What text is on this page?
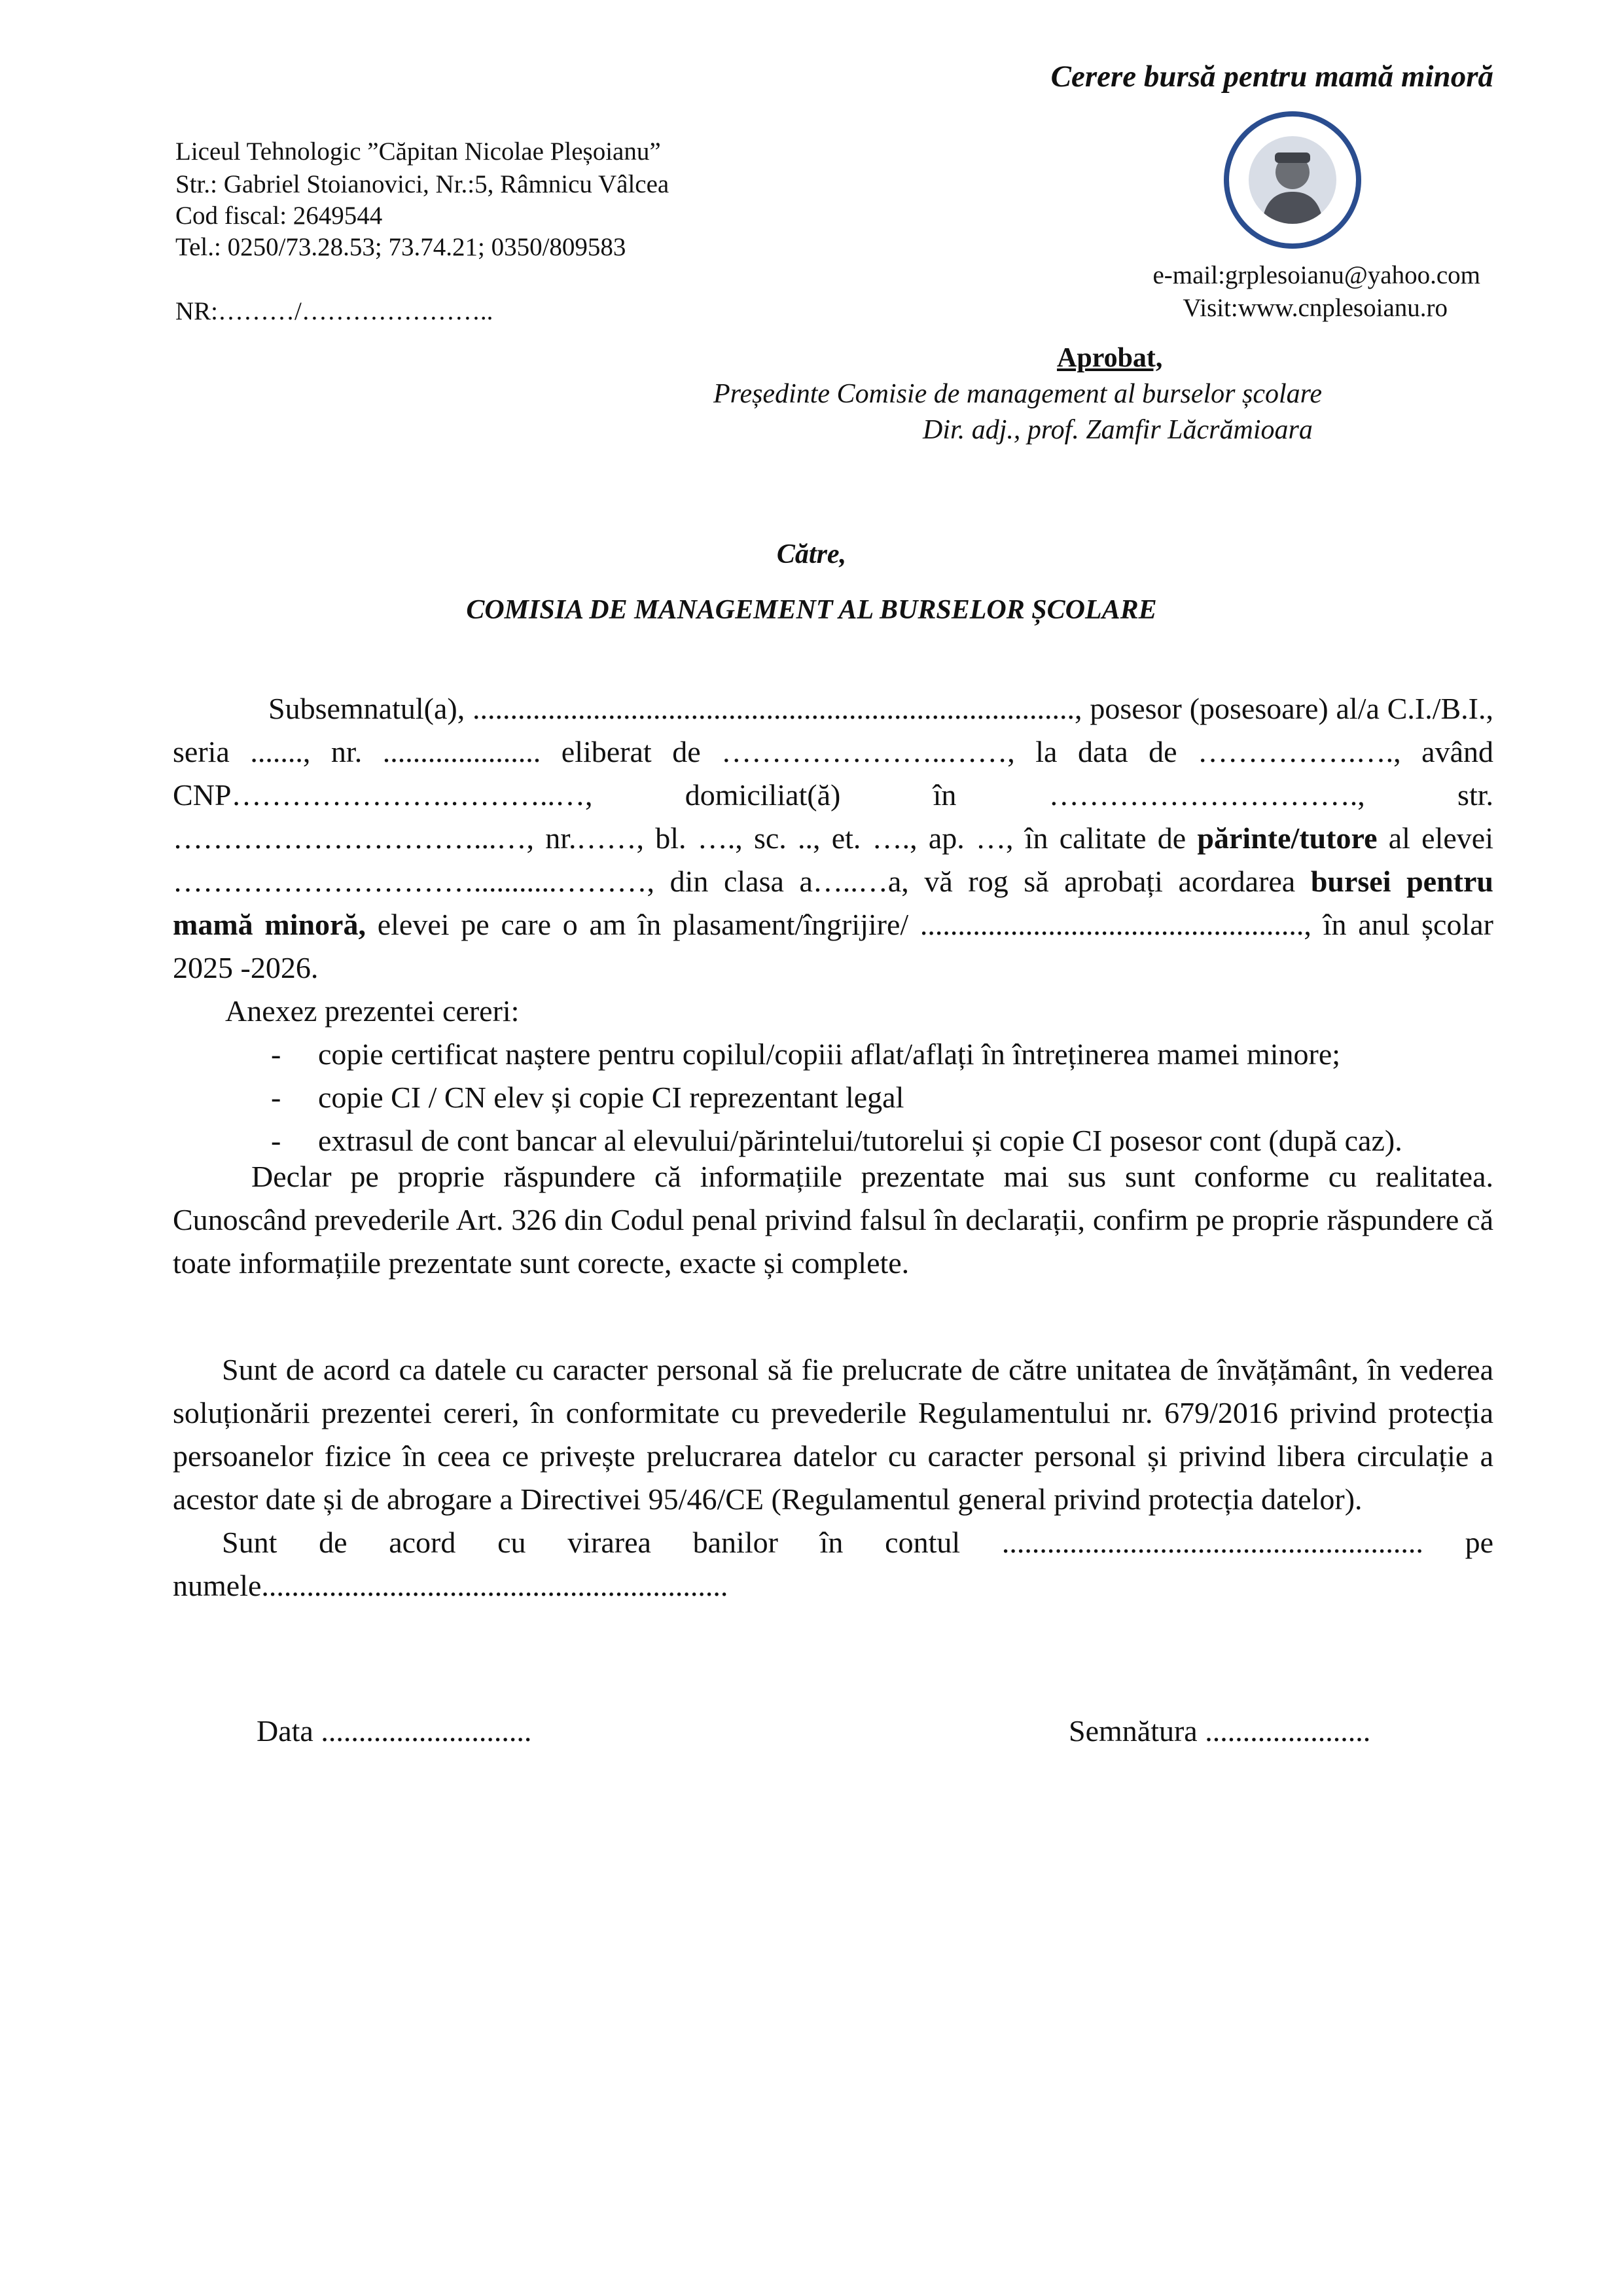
Cerere bursă pentru mamă minoră
Liceul Tehnologic ”Căpitan Nicolae Pleșoianu”
Str.: Gabriel Stoianovici, Nr.:5, Râmnicu Vâlcea
Cod fiscal: 2649544
Tel.: 0250/73.28.53; 73.74.21; 0350/809583
NR:………/…………………..
e-mail:grplesoianu@yahoo.com
Visit:www.cnplesoianu.ro
Aprobat,
Președinte Comisie de management al burselor școlare
Dir. adj., prof. Zamfir Lăcrămioara
Către,
COMISIA DE MANAGEMENT AL BURSELOR ȘCOLARE

Subsemnatul(a), ................................................................................, posesor (posesoare) al/a C.I./B.I., seria ......., nr. ..................... eliberat de …………………..……, la data de …………….…., având CNP………………….………..…, domiciliat(ă) în …………………………., str. …………………………...…, nr.……, bl. …., sc. .., et. …., ap. …, în calitate de părinte/tutore al elevei …………………………...........………, din clasa a…..…a, vă rog să aprobați acordarea bursei pentru mamă minoră, elevei pe care o am în plasament/îngrijire/ ..................................................., în anul școlar 2025 -2026.

Anexez prezentei cereri:

-	copie certificat naștere pentru copilul/copiii aflat/aflați în întreținerea mamei minore;
-	copie CI / CN elev și copie CI reprezentant legal
-	extrasul de cont bancar al elevului/părintelui/tutorelui și copie CI posesor cont (după caz).

Declar pe proprie răspundere că informațiile prezentate mai sus sunt conforme cu realitatea. Cunoscând prevederile Art. 326 din Codul penal privind falsul în declarații, confirm pe proprie răspundere că toate informațiile prezentate sunt corecte, exacte și complete.

Sunt de acord ca datele cu caracter personal să fie prelucrate de către unitatea de învățământ, în vederea soluționării prezentei cereri, în conformitate cu prevederile Regulamentului nr. 679/2016 privind protecția persoanelor fizice în ceea ce privește prelucrarea datelor cu caracter personal și privind libera circulație a acestor date și de abrogare a Directivei 95/46/CE (Regulamentul general privind protecția datelor).

Sunt de acord cu virarea banilor în contul ........................................................ pe numele..............................................................

Data ............................	Semnătura ......................
